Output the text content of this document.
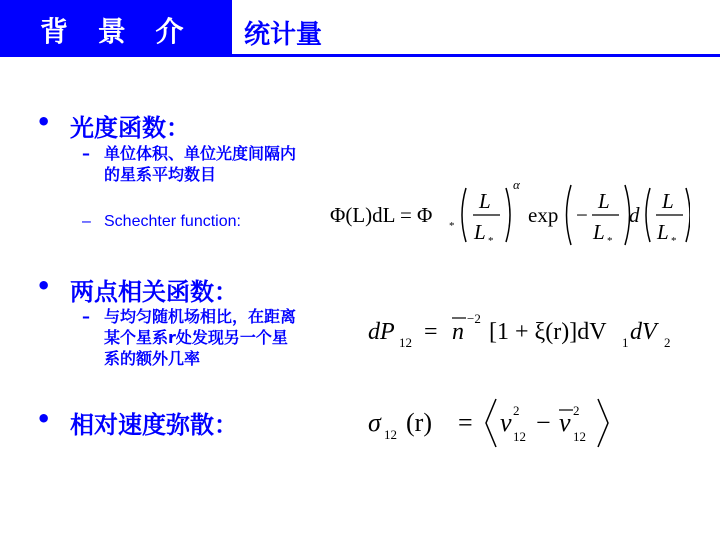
背 景 介 绍
统计量
• 光度函数：
– 单位体积、单位光度间隔内
的星系平均数目
– Schechter function:	Φ(L)dL = Φ *
L
L *
α
exp −
L
L *
d
L
L *
• 两点相关函数：
– 与均匀随机场相比，在距离
某个星系r处发现另一个星
系的额外几率
dP 12 = n
−2
[1 + ξ(r)]dV 1 dV 2
• 相对速度弥散：	σ 12 (r) = v 2
12 − v 2
12
